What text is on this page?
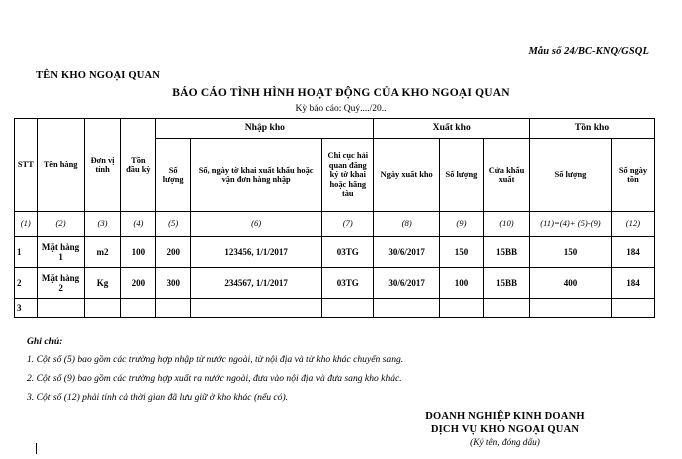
Mẫu số 24/BC-KNQ/GSQL
TÊN KHO NGOẠI QUAN
BÁO CÁO TÌNH HÌNH HOẠT ĐỘNG CỦA KHO NGOẠI QUAN
Kỳ báo cáo: Quý..../20..
STT	Tên hàng	Đơn vị tính	Tồn đầu kỳ	Nhập kho			Xuất kho			Tồn kho	
				Số lượng	Số, ngày tờ khai xuất khẩu hoặc vận đơn hàng nhập	Chi cục hải quan đăng ký tờ khai hoặc hãng tàu	Ngày xuất kho	Số lượng	Cửa khẩu xuất	Số lượng	Số ngày tồn
(1)	(2)	(3)	(4)	(5)	(6)	(7)	(8)	(9)	(10)	(11)=(4)+ (5)-(9)	(12)
1	Mặt hàng 1	m2	100	200	123456, 1/1/2017	03TG	30/6/2017	150	15BB	150	184
2	Mặt hàng 2	Kg	200	300	234567, 1/1/2017	03TG	30/6/2017	100	15BB	400	184
3											
Ghi chú:
1. Cột số (5) bao gồm các trường hợp nhập từ nước ngoài, từ nội địa và từ kho khác chuyển sang.
2. Cột số (9) bao gồm các trường hợp xuất ra nước ngoài, đưa vào nội địa và đưa sang kho khác.
3. Cột số (12) phải tính cả thời gian đã lưu giữ ở kho khác (nếu có).
DOANH NGHIỆP KINH DOANH
DỊCH VỤ KHO NGOẠI QUAN
(Ký tên, đóng dấu)
